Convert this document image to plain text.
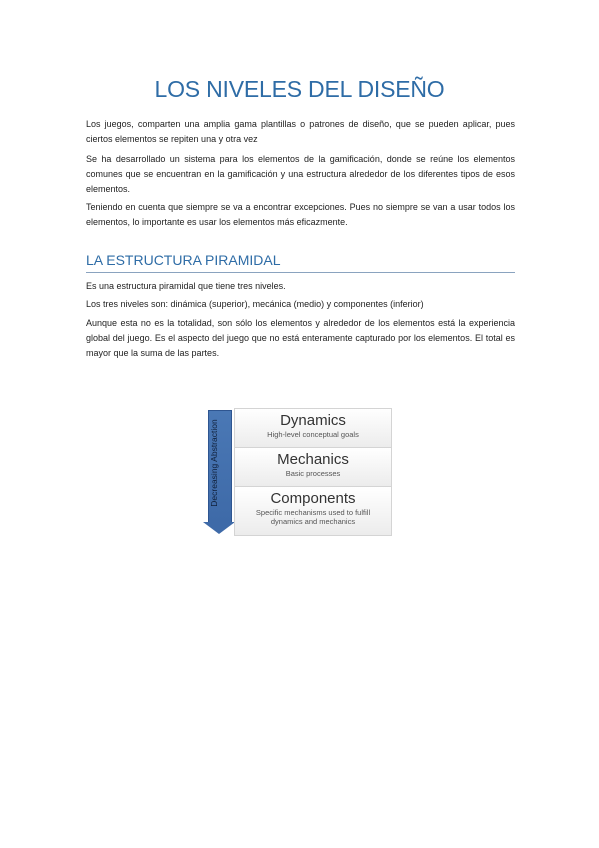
LOS NIVELES DEL DISEÑO

Los juegos, comparten una amplia gama plantillas o patrones de diseño, que se pueden aplicar, pues ciertos elementos se repiten una y otra vez

Se ha desarrollado un sistema para los elementos de la gamificación, donde se reúne los elementos comunes que se encuentran en la gamificación y una estructura alrededor de los diferentes tipos de esos elementos.

Teniendo en cuenta que siempre se va a encontrar excepciones. Pues no siempre se van a usar todos los elementos, lo importante es usar los elementos más eficazmente.

LA ESTRUCTURA PIRAMIDAL

Es una estructura piramidal que tiene tres niveles.

Los tres niveles son: dinámica (superior), mecánica (medio) y componentes (inferior)

Aunque esta no es la totalidad, son sólo los elementos y alrededor de los elementos está la experiencia global del juego. Es el aspecto del juego que no está enteramente capturado por los elementos. El total es mayor que la suma de las partes.

Decreasing Abstraction	Dynamics
High-level conceptual goals
Mechanics
Basic processes
Components
Specific mechanisms used to fulfill dynamics and mechanics
